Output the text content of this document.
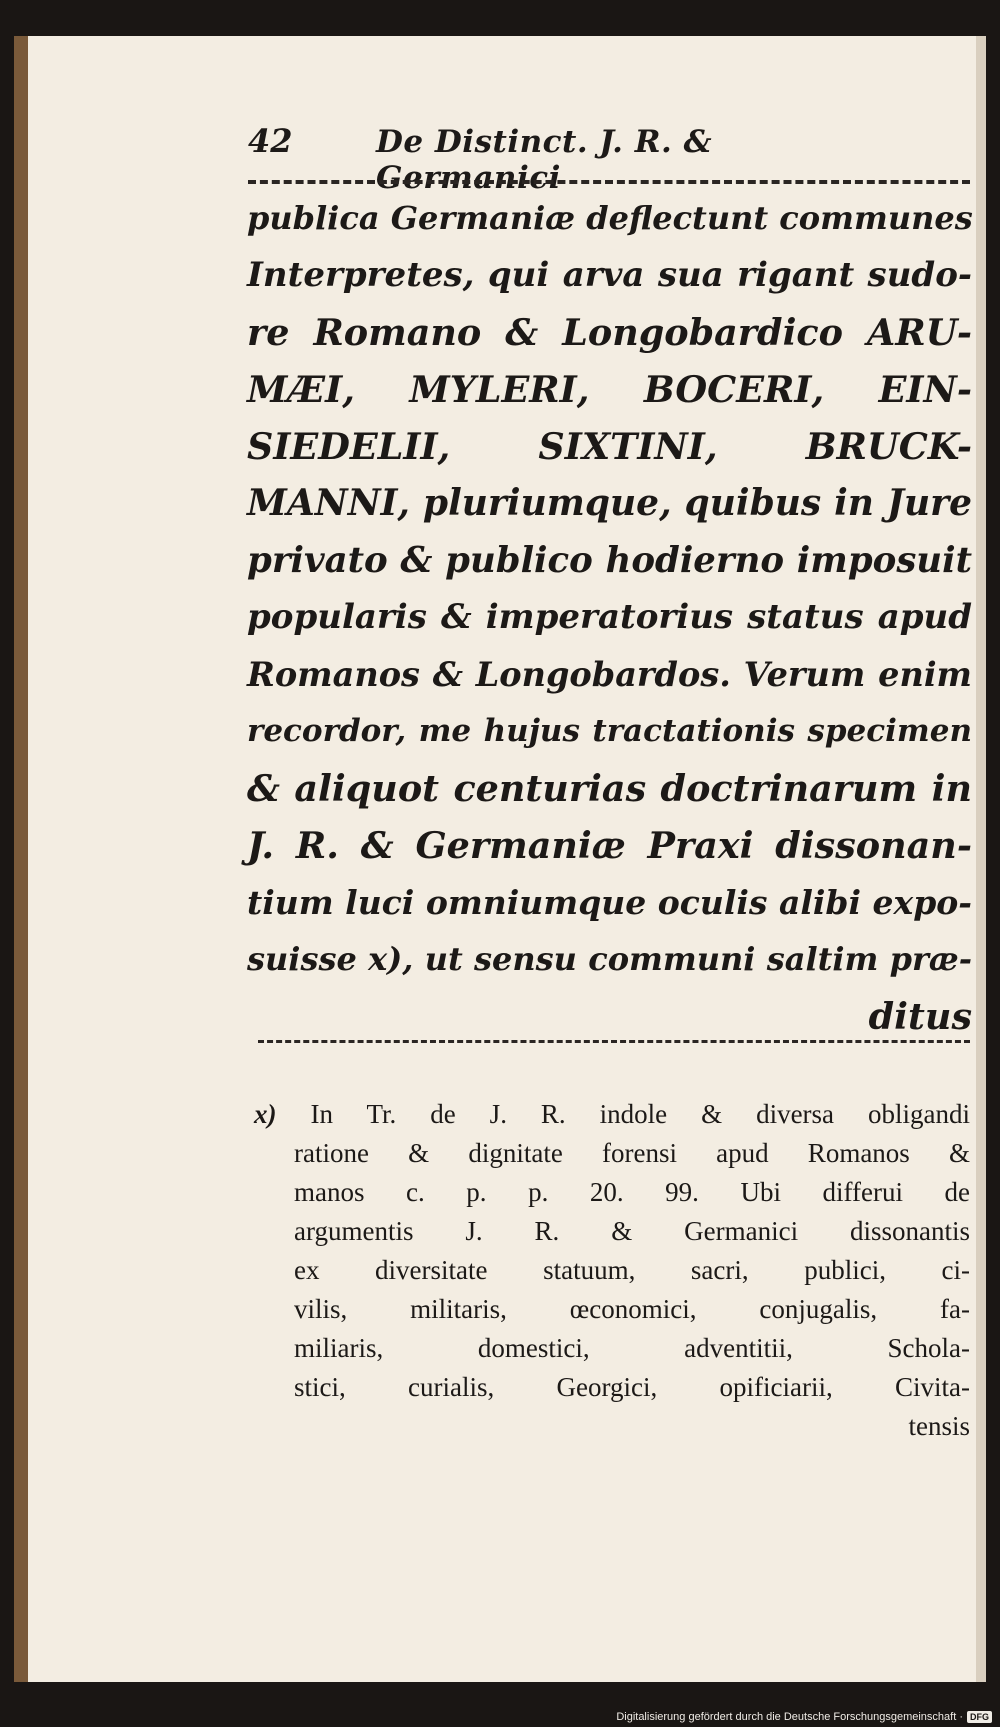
42	De Distinct. J. R. & Germanici
publica Germaniæ deflectunt communes
Interpretes, qui arva sua rigant sudo-
re Romano & Longobardico ARU-
MÆI, MYLERI, BOCERI, EIN-
SIEDELII, SIXTINI, BRUCK-
MANNI, pluriumque, quibus in Jure
privato & publico hodierno imposuit
popularis & imperatorius status apud
Romanos & Longobardos. Verum enim
recordor, me hujus tractationis specimen
& aliquot centurias doctrinarum in
J. R. & Germaniæ Praxi dissonan-
tium luci omniumque oculis alibi expo-
suisse x), ut sensu communi saltim præ-
ditus
x) In Tr. de J. R. indole & diversa obligandi
ratione & dignitate forensi apud Romanos &
manos c. p. p. 20. 99. Ubi differui de
argumentis J. R. & Germanici dissonantis
ex diversitate statuum, sacri, publici, ci-
vilis, militaris, œconomici, conjugalis, fa-
miliaris, domestici, adventitii, Schola-
stici, curialis, Georgici, opificiarii, Civita-
tensis
Digitalisierung gefördert durch die Deutsche Forschungsgemeinschaft · DFG
